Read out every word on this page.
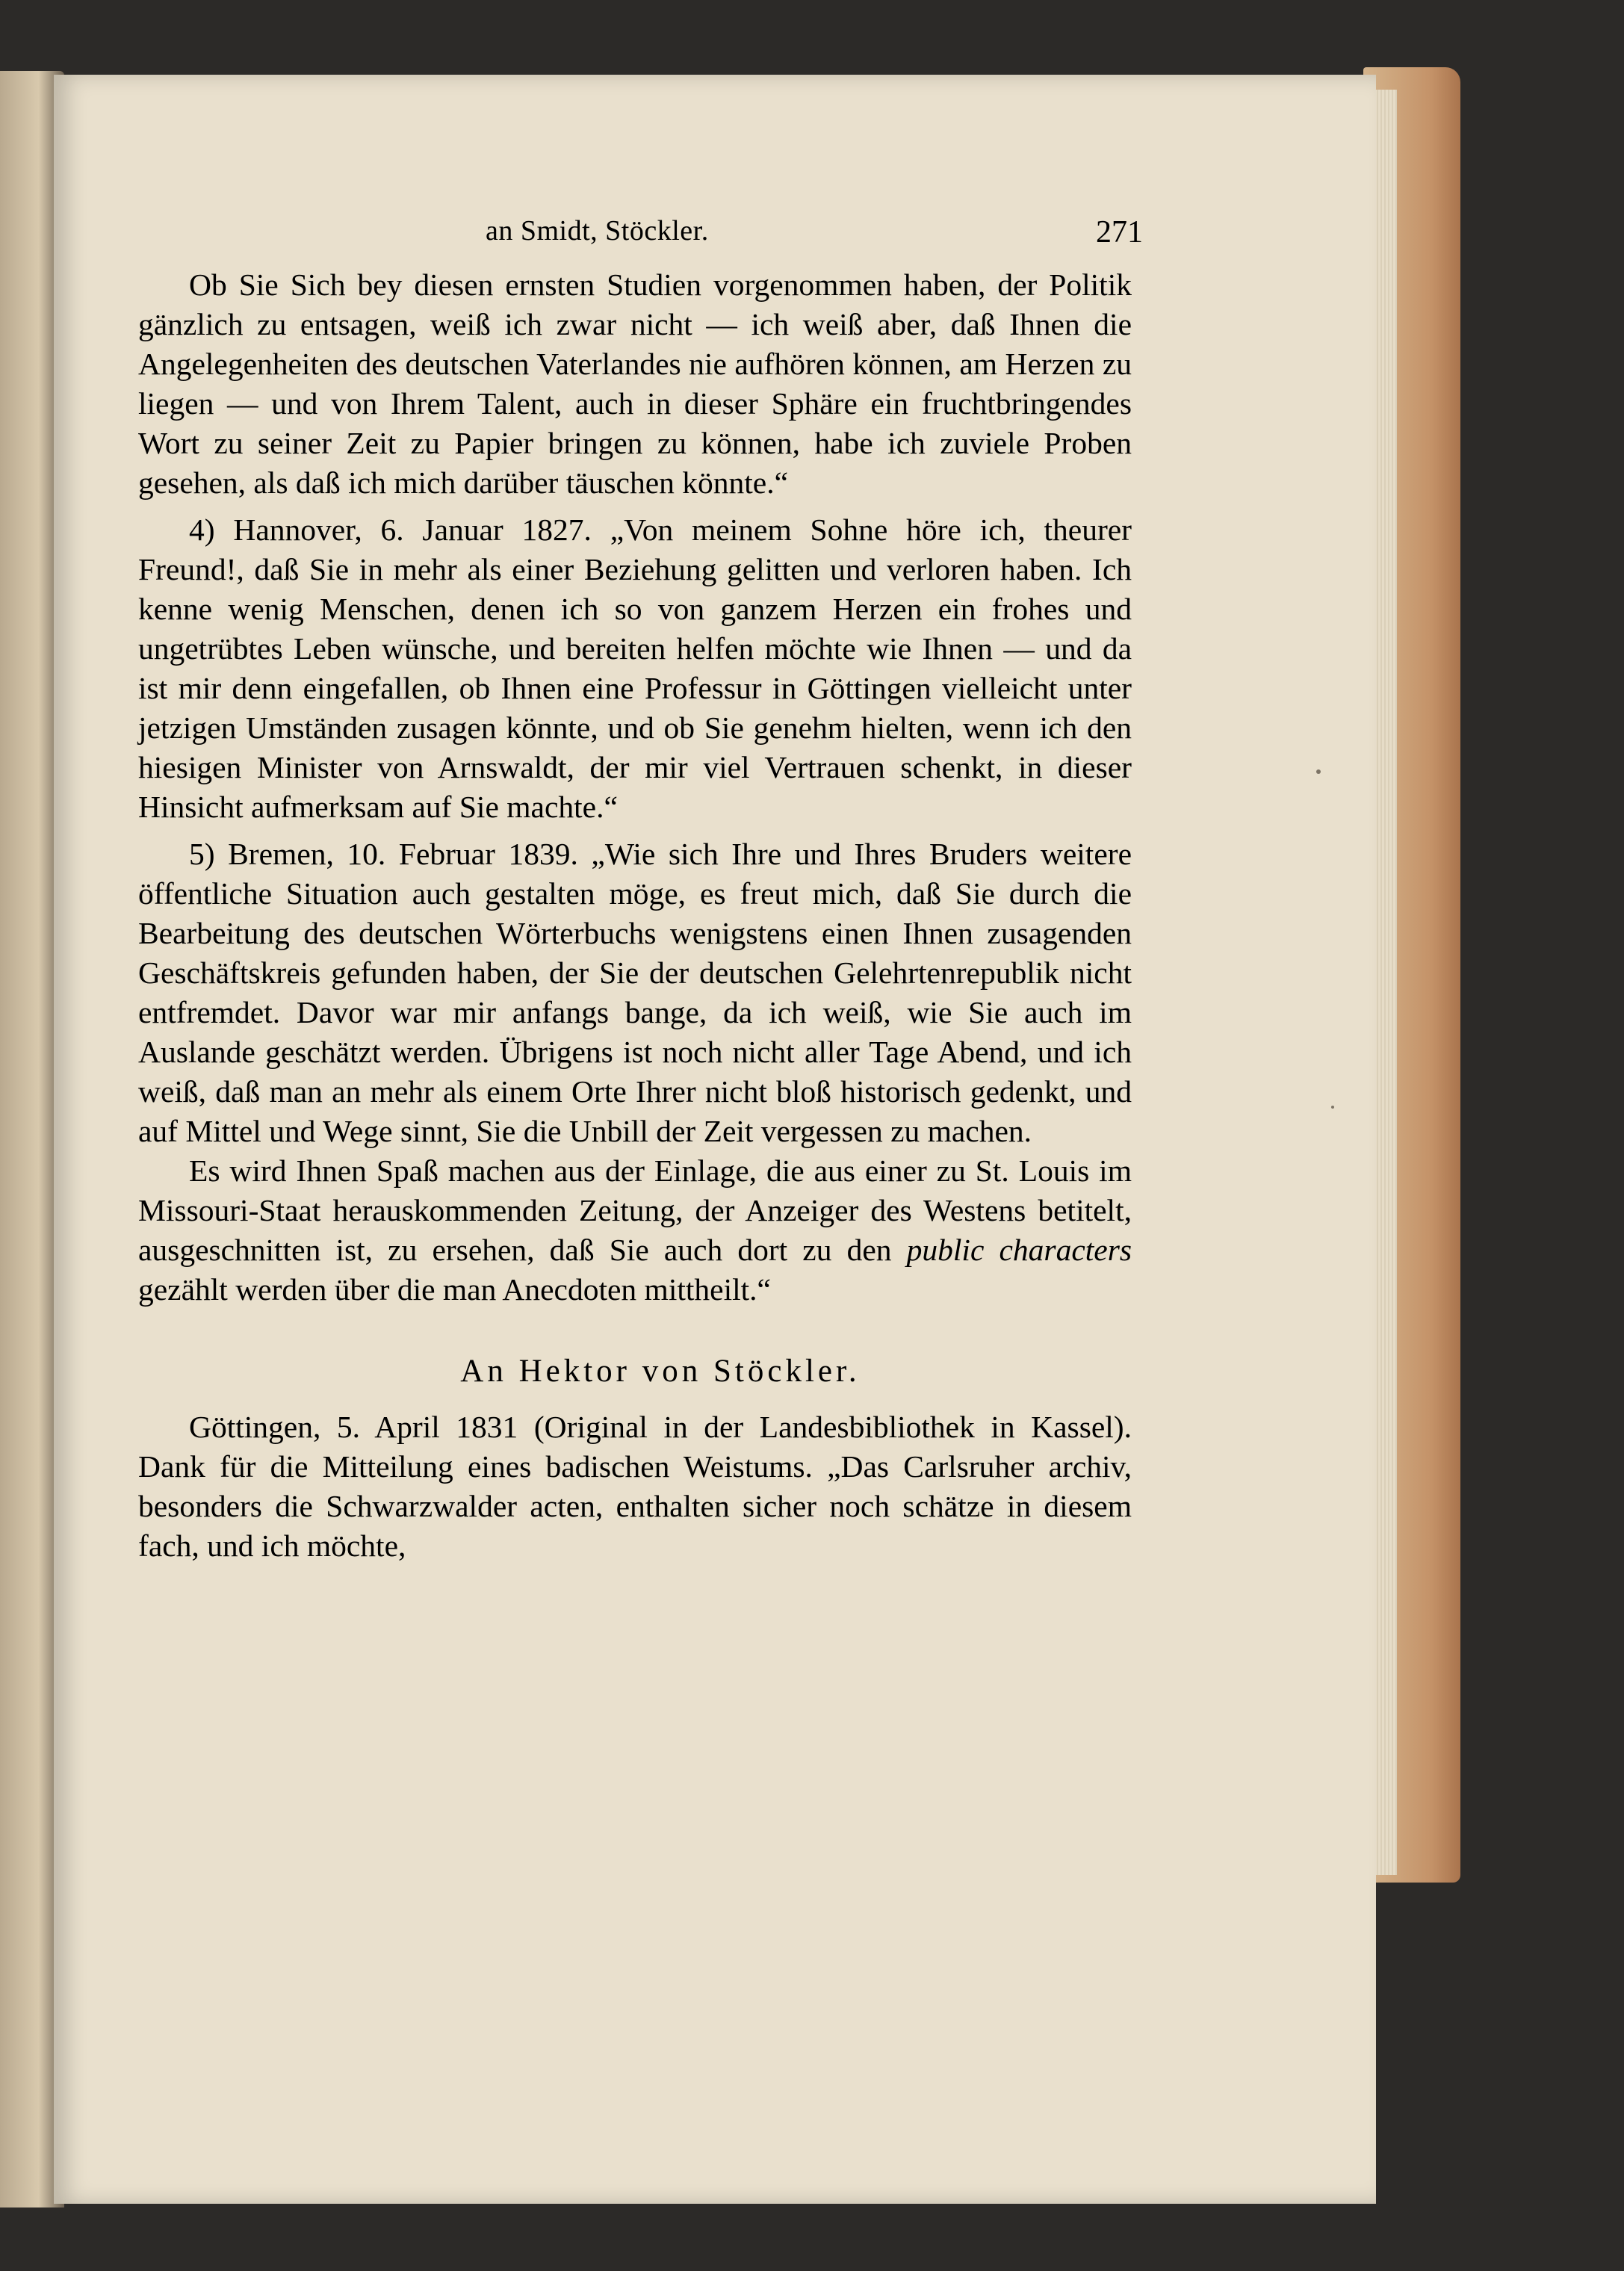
an Smidt, Stöckler.	271

Ob Sie Sich bey diesen ernsten Studien vorgenommen haben, der Politik gänzlich zu entsagen, weiß ich zwar nicht — ich weiß aber, daß Ihnen die Angelegenheiten des deutschen Vaterlandes nie aufhören können, am Herzen zu liegen — und von Ihrem Talent, auch in dieser Sphäre ein fruchtbringendes Wort zu seiner Zeit zu Papier bringen zu können, habe ich zuviele Proben gesehen, als daß ich mich darüber täuschen könnte.“

4) Hannover, 6. Januar 1827. „Von meinem Sohne höre ich, theurer Freund!, daß Sie in mehr als einer Beziehung gelitten und verloren haben. Ich kenne wenig Menschen, denen ich so von ganzem Herzen ein frohes und ungetrübtes Leben wünsche, und bereiten helfen möchte wie Ihnen — und da ist mir denn eingefallen, ob Ihnen eine Professur in Göttingen vielleicht unter jetzigen Umständen zusagen könnte, und ob Sie genehm hielten, wenn ich den hiesigen Minister von Arnswaldt, der mir viel Vertrauen schenkt, in dieser Hinsicht aufmerksam auf Sie machte.“

5) Bremen, 10. Februar 1839. „Wie sich Ihre und Ihres Bruders weitere öffentliche Situation auch gestalten möge, es freut mich, daß Sie durch die Bearbeitung des deutschen Wörterbuchs wenigstens einen Ihnen zusagenden Geschäftskreis gefunden haben, der Sie der deutschen Gelehrtenrepublik nicht entfremdet. Davor war mir anfangs bange, da ich weiß, wie Sie auch im Auslande geschätzt werden. Übrigens ist noch nicht aller Tage Abend, und ich weiß, daß man an mehr als einem Orte Ihrer nicht bloß historisch gedenkt, und auf Mittel und Wege sinnt, Sie die Unbill der Zeit vergessen zu machen.

Es wird Ihnen Spaß machen aus der Einlage, die aus einer zu St. Louis im Missouri-Staat herauskommenden Zeitung, der Anzeiger des Westens betitelt, ausgeschnitten ist, zu ersehen, daß Sie auch dort zu den public characters gezählt werden über die man Anecdoten mittheilt.“

An Hektor von Stöckler.

Göttingen, 5. April 1831 (Original in der Landesbibliothek in Kassel). Dank für die Mitteilung eines badischen Weistums. „Das Carlsruher archiv, besonders die Schwarzwalder acten, enthalten sicher noch schätze in diesem fach, und ich möchte,
